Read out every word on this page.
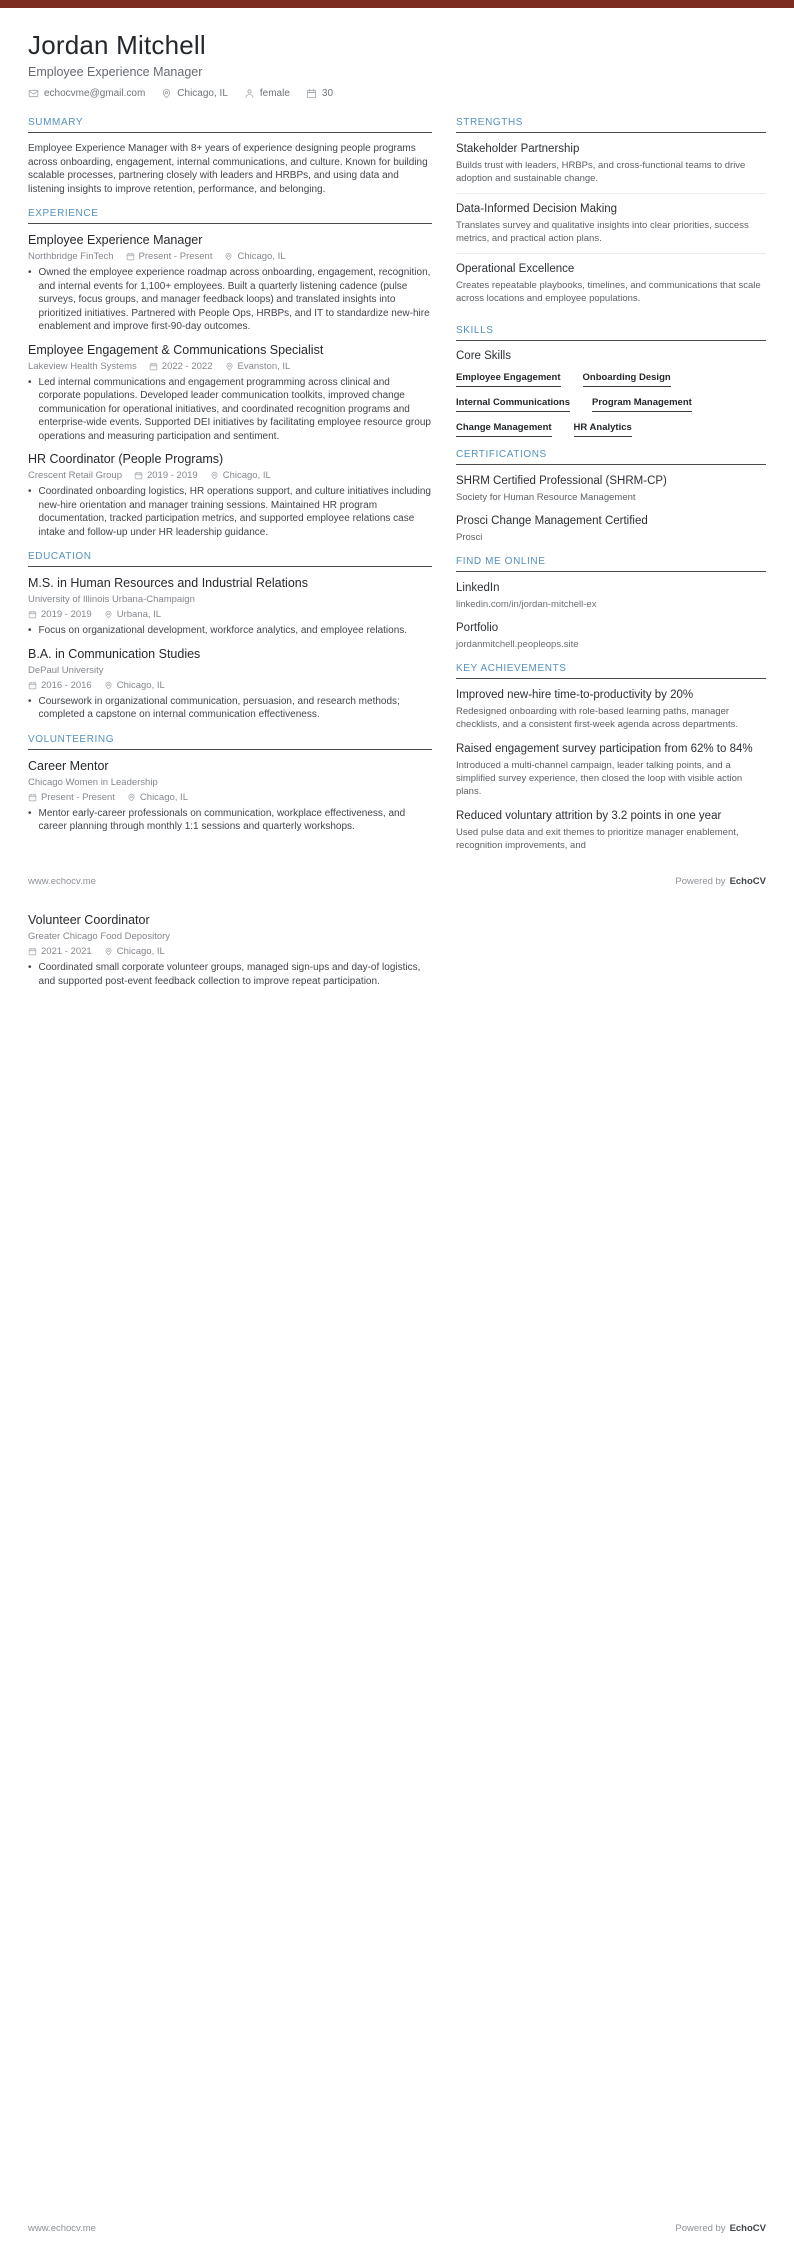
Jordan Mitchell
Employee Experience Manager
echocvme@gmail.com	Chicago, IL	female	30
SUMMARY

Employee Experience Manager with 8+ years of experience designing people programs across onboarding, engagement, internal communications, and culture. Known for building scalable processes, partnering closely with leaders and HRBPs, and using data and listening insights to improve retention, performance, and belonging.

EXPERIENCE
Employee Experience Manager
Northbridge FinTech	Present - Present	Chicago, IL
• Owned the employee experience roadmap across onboarding, engagement, recognition, and internal events for 1,100+ employees. Built a quarterly listening cadence (pulse surveys, focus groups, and manager feedback loops) and translated insights into prioritized initiatives. Partnered with People Ops, HRBPs, and IT to standardize new-hire enablement and improve first-90-day outcomes.
Employee Engagement & Communications Specialist
Lakeview Health Systems	2022 - 2022	Evanston, IL
• Led internal communications and engagement programming across clinical and corporate populations. Developed leader communication toolkits, improved change communication for operational initiatives, and coordinated recognition programs and enterprise-wide events. Supported DEI initiatives by facilitating employee resource group operations and measuring participation and sentiment.
HR Coordinator (People Programs)
Crescent Retail Group	2019 - 2019	Chicago, IL
• Coordinated onboarding logistics, HR operations support, and culture initiatives including new-hire orientation and manager training sessions. Maintained HR program documentation, tracked participation metrics, and supported employee relations case intake and follow-up under HR leadership guidance.
EDUCATION
M.S. in Human Resources and Industrial Relations
University of Illinois Urbana-Champaign
2019 - 2019	Urbana, IL
• Focus on organizational development, workforce analytics, and employee relations.
B.A. in Communication Studies
DePaul University
2016 - 2016	Chicago, IL
• Coursework in organizational communication, persuasion, and research methods; completed a capstone on internal communication effectiveness.
VOLUNTEERING
Career Mentor
Chicago Women in Leadership
Present - Present	Chicago, IL
• Mentor early-career professionals on communication, workplace effectiveness, and career planning through monthly 1:1 sessions and quarterly workshops.
STRENGTHS
Stakeholder Partnership
Builds trust with leaders, HRBPs, and cross-functional teams to drive adoption and sustainable change.
Data-Informed Decision Making
Translates survey and qualitative insights into clear priorities, success metrics, and practical action plans.
Operational Excellence
Creates repeatable playbooks, timelines, and communications that scale across locations and employee populations.
SKILLS
Core Skills
Employee Engagement Onboarding Design
Internal Communications Program Management
Change Management HR Analytics
CERTIFICATIONS
SHRM Certified Professional (SHRM-CP)
Society for Human Resource Management
Prosci Change Management Certified
Prosci
FIND ME ONLINE
LinkedIn
linkedin.com/in/jordan-mitchell-ex
Portfolio
jordanmitchell.peopleops.site
KEY ACHIEVEMENTS
Improved new-hire time-to-productivity by 20%
Redesigned onboarding with role-based learning paths, manager checklists, and a consistent first-week agenda across departments.
Raised engagement survey participation from 62% to 84%
Introduced a multi-channel campaign, leader talking points, and a simplified survey experience, then closed the loop with visible action plans.
Reduced voluntary attrition by 3.2 points in one year
Used pulse data and exit themes to prioritize manager enablement, recognition improvements, and
www.echocv.me	Powered by EchoCV
Volunteer Coordinator
Greater Chicago Food Depository
2021 - 2021	Chicago, IL
• Coordinated small corporate volunteer groups, managed sign-ups and day-of logistics, and supported post-event feedback collection to improve repeat participation.
www.echocv.me	Powered by EchoCV
